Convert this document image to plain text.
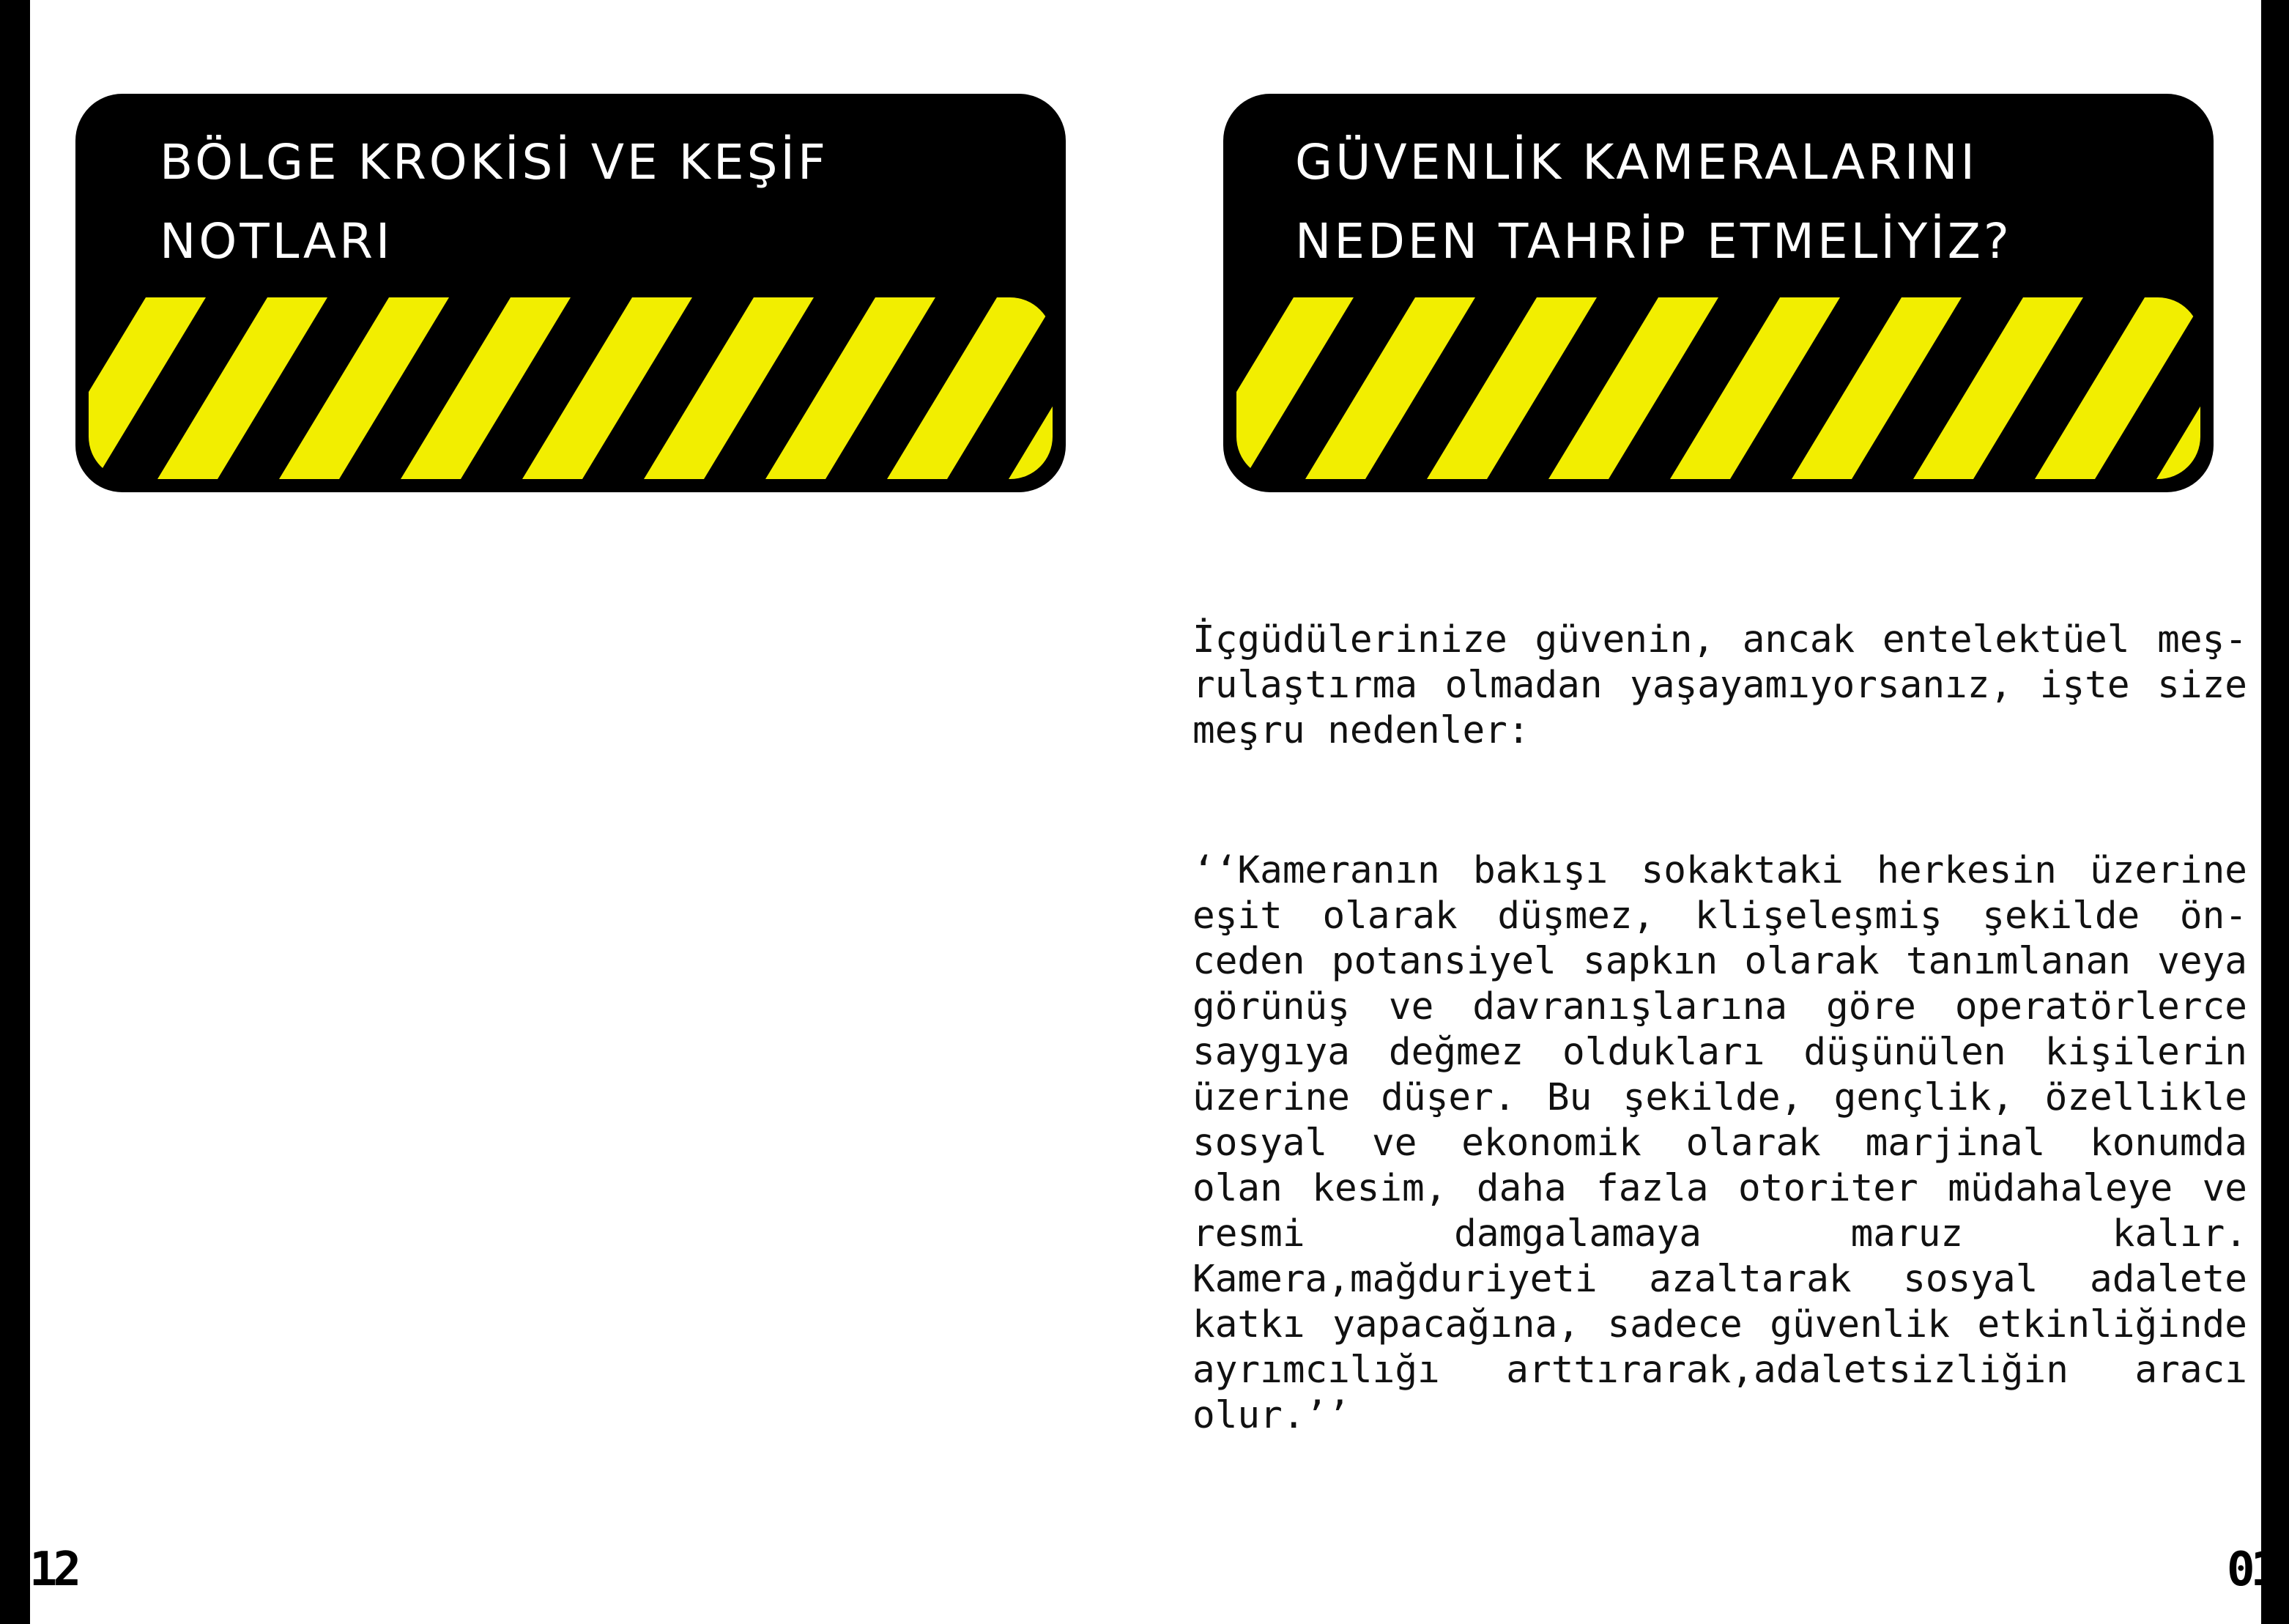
BÖLGE KROKİSİ VE KEŞİF
NOTLARI
GÜVENLİK KAMERALARINI
NEDEN TAHRİP ETMELİYİZ?

İçgüdülerinize güvenin, ancak entelektüel meş-rulaştırma olmadan yaşayamıyorsanız, işte size meşru nedenler:

‘‘Kameranın bakışı sokaktaki herkesin üzerine eşit olarak düşmez, klişeleşmiş şekilde ön-ceden potansiyel sapkın olarak tanımlanan veya görünüş ve davranışlarına göre operatörlerce saygıya değmez oldukları düşünülen kişilerin üzerine düşer. Bu şekilde, gençlik, özellikle sosyal ve ekonomik olarak marjinal konumda olan kesim, daha fazla otoriter müdahaleye ve resmi damgalamaya maruz kalır. Kamera,mağduriyeti azaltarak sosyal adalete katkı yapacağına, sadece güvenlik etkinliğinde ayrımcılığı arttırarak,adaletsizliğin aracı olur.’’

12	01
